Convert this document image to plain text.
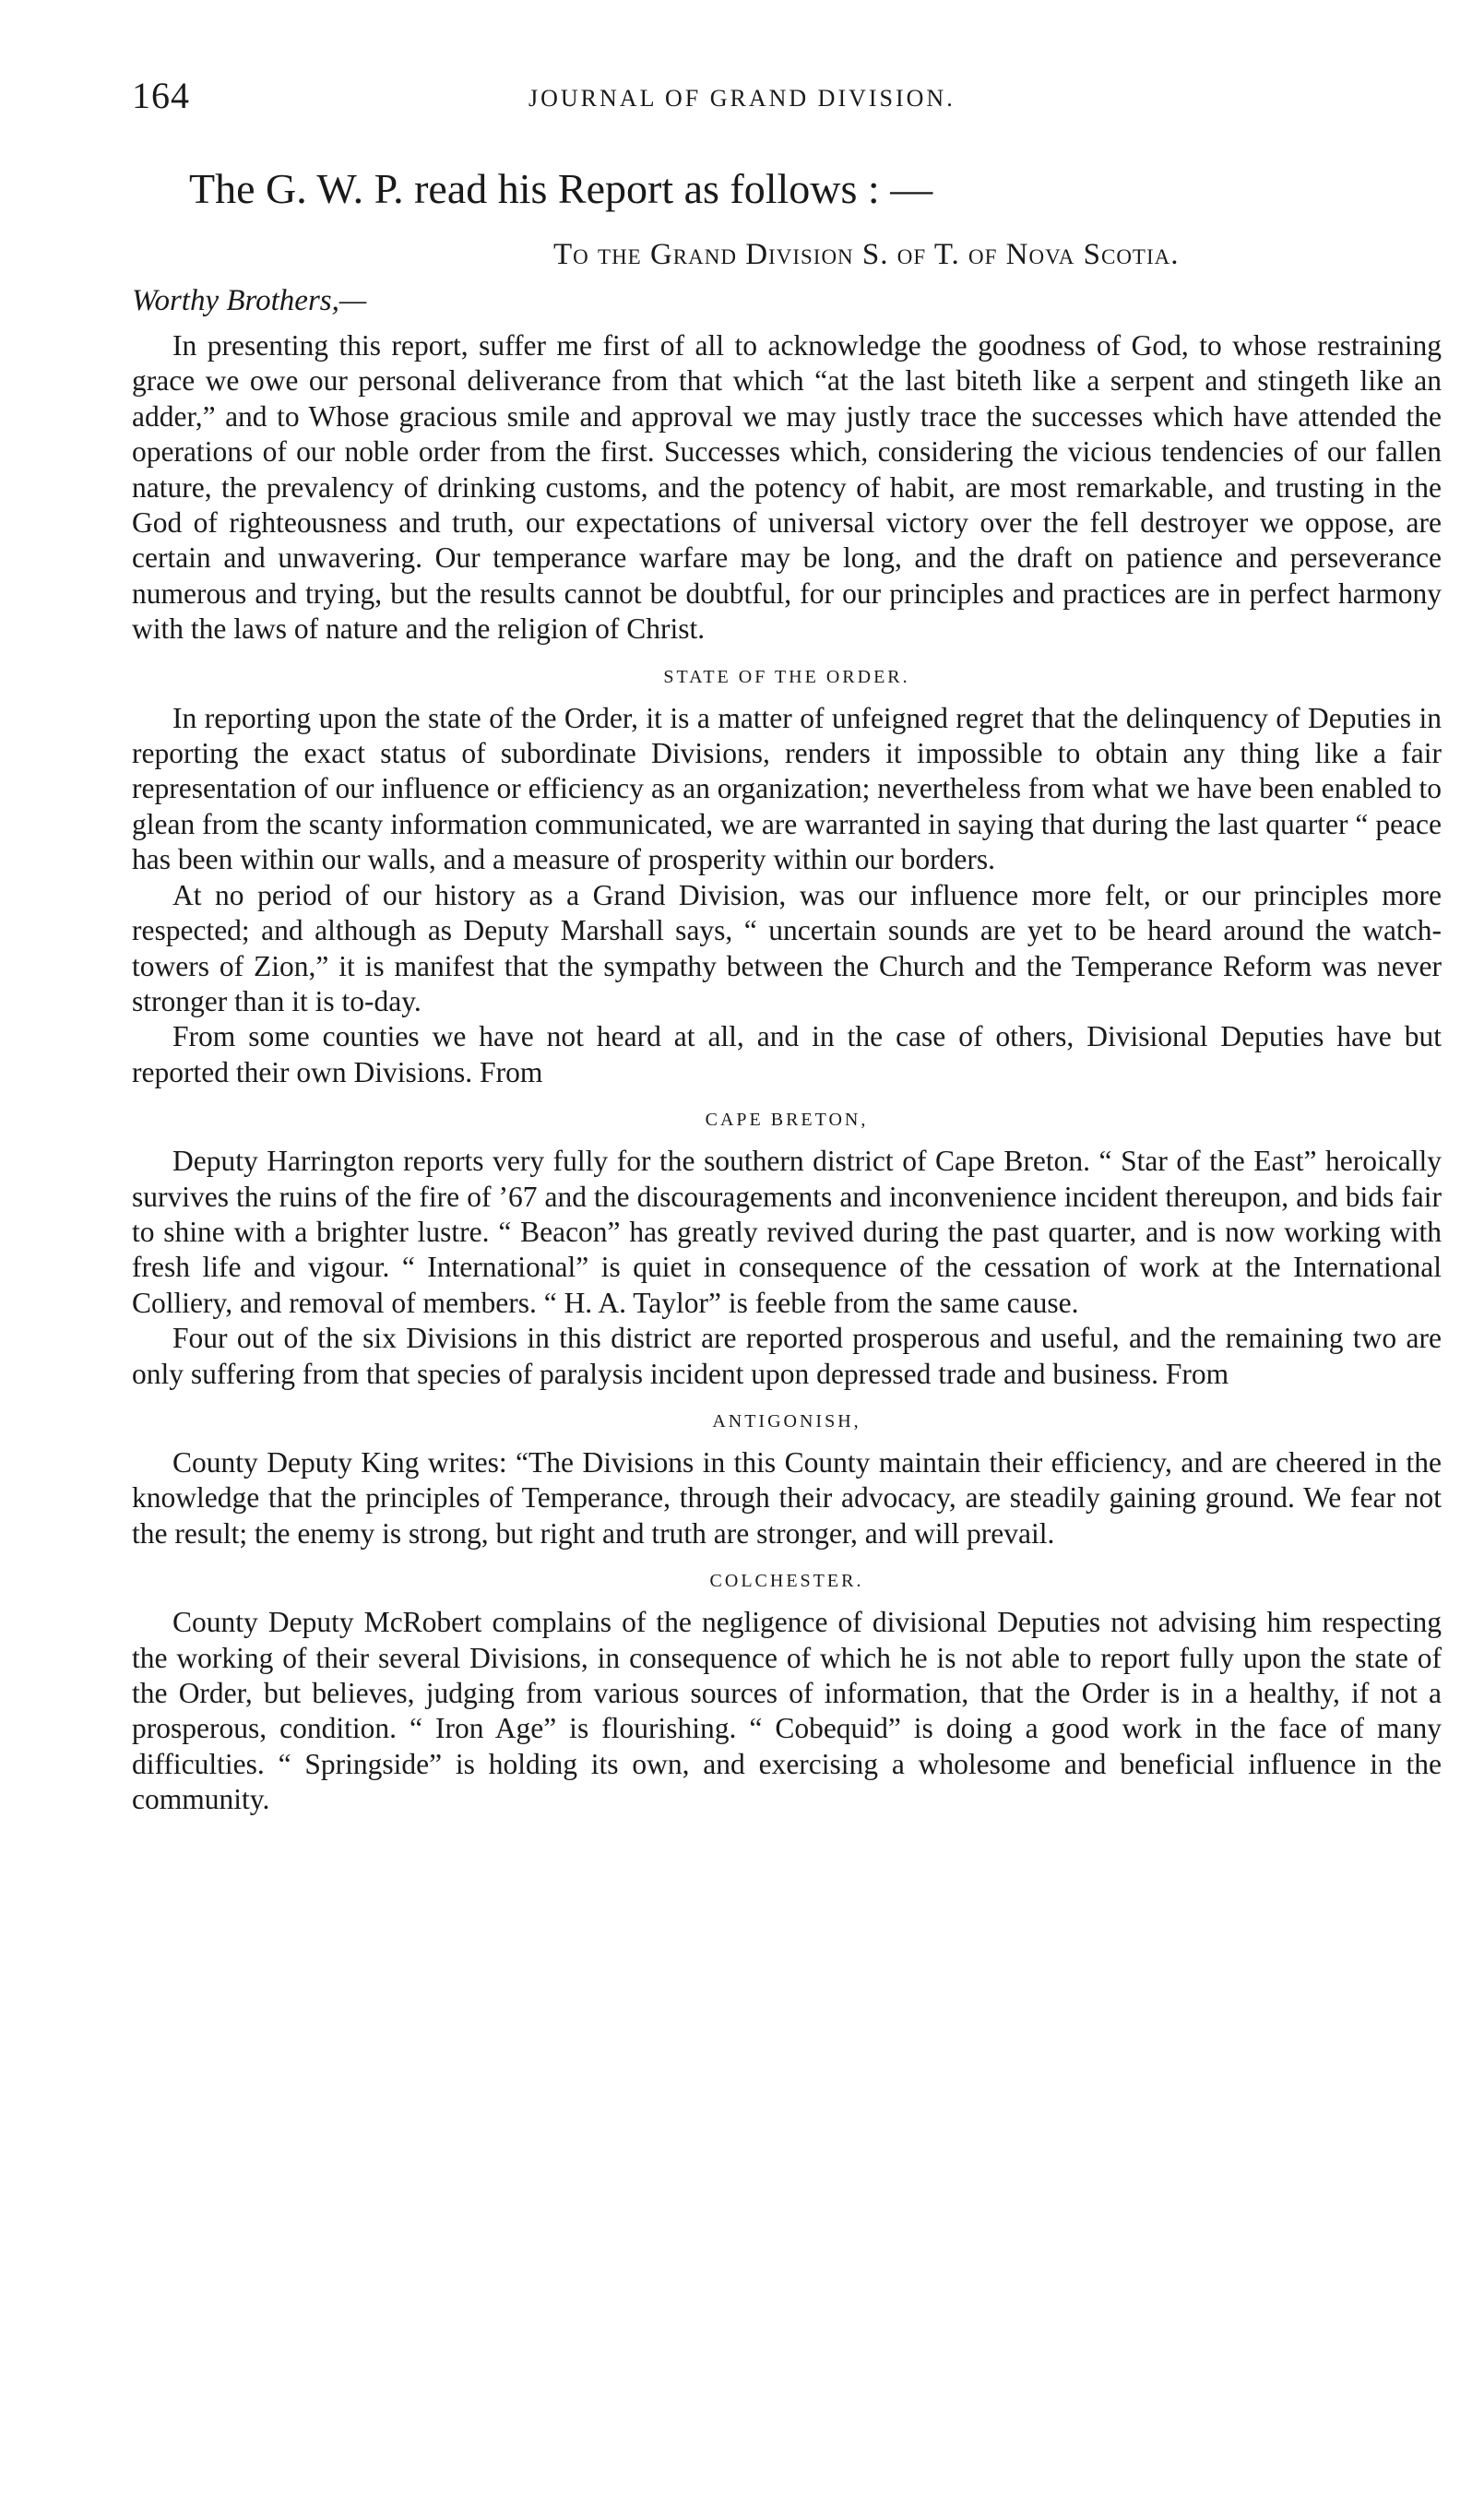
164	JOURNAL OF GRAND DIVISION.
The G. W. P. read his Report as follows : —
To the Grand Division S. of T. of Nova Scotia.
Worthy Brothers,—

In presenting this report, suffer me first of all to acknowledge the goodness of God, to whose restraining grace we owe our personal deliverance from that which “at the last biteth like a serpent and stingeth like an adder,” and to Whose gracious smile and approval we may justly trace the successes which have attended the operations of our noble order from the first. Successes which, considering the vicious tendencies of our fallen nature, the prevalency of drinking customs, and the potency of habit, are most remarkable, and trusting in the God of righteousness and truth, our expectations of universal victory over the fell destroyer we oppose, are certain and unwavering. Our temperance warfare may be long, and the draft on patience and perseverance numerous and trying, but the results cannot be doubtful, for our principles and practices are in perfect harmony with the laws of nature and the religion of Christ.

STATE OF THE ORDER.

In reporting upon the state of the Order, it is a matter of unfeigned regret that the delinquency of Deputies in reporting the exact status of subordinate Divisions, renders it impossible to obtain any thing like a fair representation of our influence or efficiency as an organization; nevertheless from what we have been enabled to glean from the scanty information communicated, we are warranted in saying that during the last quarter “ peace has been within our walls, and a measure of prosperity within our borders.

At no period of our history as a Grand Division, was our influence more felt, or our principles more respected; and although as Deputy Marshall says, “ uncertain sounds are yet to be heard around the watch-towers of Zion,” it is manifest that the sympathy between the Church and the Temperance Reform was never stronger than it is to-day.

From some counties we have not heard at all, and in the case of others, Divisional Deputies have but reported their own Divisions. From

CAPE BRETON,

Deputy Harrington reports very fully for the southern district of Cape Breton. “ Star of the East” heroically survives the ruins of the fire of ’67 and the discouragements and inconvenience incident thereupon, and bids fair to shine with a brighter lustre. “ Beacon” has greatly revived during the past quarter, and is now working with fresh life and vigour. “ International” is quiet in consequence of the cessation of work at the International Colliery, and removal of members. “ H. A. Taylor” is feeble from the same cause.

Four out of the six Divisions in this district are reported prosperous and useful, and the remaining two are only suffering from that species of paralysis incident upon depressed trade and business. From

ANTIGONISH,

County Deputy King writes: “The Divisions in this County maintain their efficiency, and are cheered in the knowledge that the principles of Temperance, through their advocacy, are steadily gaining ground. We fear not the result; the enemy is strong, but right and truth are stronger, and will prevail.

COLCHESTER.

County Deputy McRobert complains of the negligence of divisional Deputies not advising him respecting the working of their several Divisions, in consequence of which he is not able to report fully upon the state of the Order, but believes, judging from various sources of information, that the Order is in a healthy, if not a prosperous, condition. “ Iron Age” is flourishing. “ Cobequid” is doing a good work in the face of many difficulties. “ Springside” is holding its own, and exercising a wholesome and beneficial influence in the community.
